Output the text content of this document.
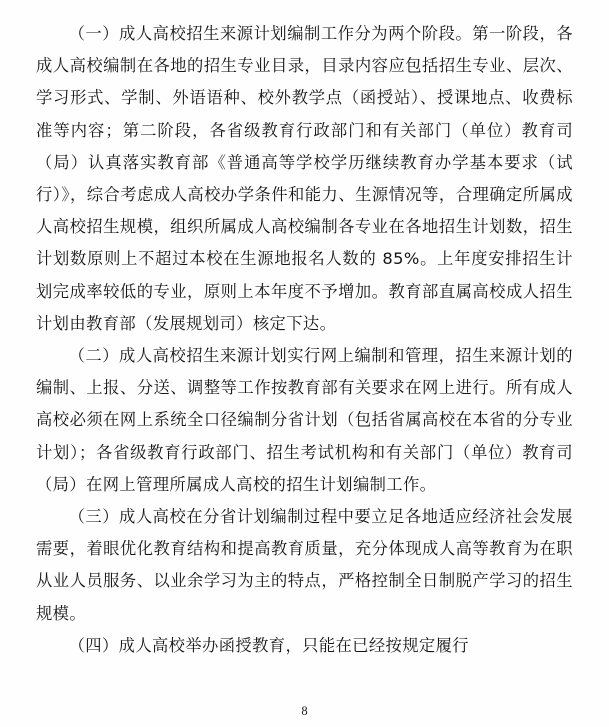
（一）成人高校招生来源计划编制工作分为两个阶段。第一阶段，各成人高校编制在各地的招生专业目录，目录内容应包括招生专业、层次、学习形式、学制、外语语种、校外教学点（函授站）、授课地点、收费标准等内容；第二阶段，各省级教育行政部门和有关部门（单位）教育司（局）认真落实教育部《普通高等学校学历继续教育办学基本要求（试行）》，综合考虑成人高校办学条件和能力、生源情况等，合理确定所属成人高校招生规模，组织所属成人高校编制各专业在各地招生计划数，招生计划数原则上不超过本校在生源地报名人数的 85%。上年度安排招生计划完成率较低的专业，原则上本年度不予增加。教育部直属高校成人招生计划由教育部（发展规划司）核定下达。

（二）成人高校招生来源计划实行网上编制和管理，招生来源计划的编制、上报、分送、调整等工作按教育部有关要求在网上进行。所有成人高校必须在网上系统全口径编制分省计划（包括省属高校在本省的分专业计划）；各省级教育行政部门、招生考试机构和有关部门（单位）教育司（局）在网上管理所属成人高校的招生计划编制工作。

（三）成人高校在分省计划编制过程中要立足各地适应经济社会发展需要，着眼优化教育结构和提高教育质量，充分体现成人高等教育为在职从业人员服务、以业余学习为主的特点，严格控制全日制脱产学习的招生规模。

（四）成人高校举办函授教育，只能在已经按规定履行

8
